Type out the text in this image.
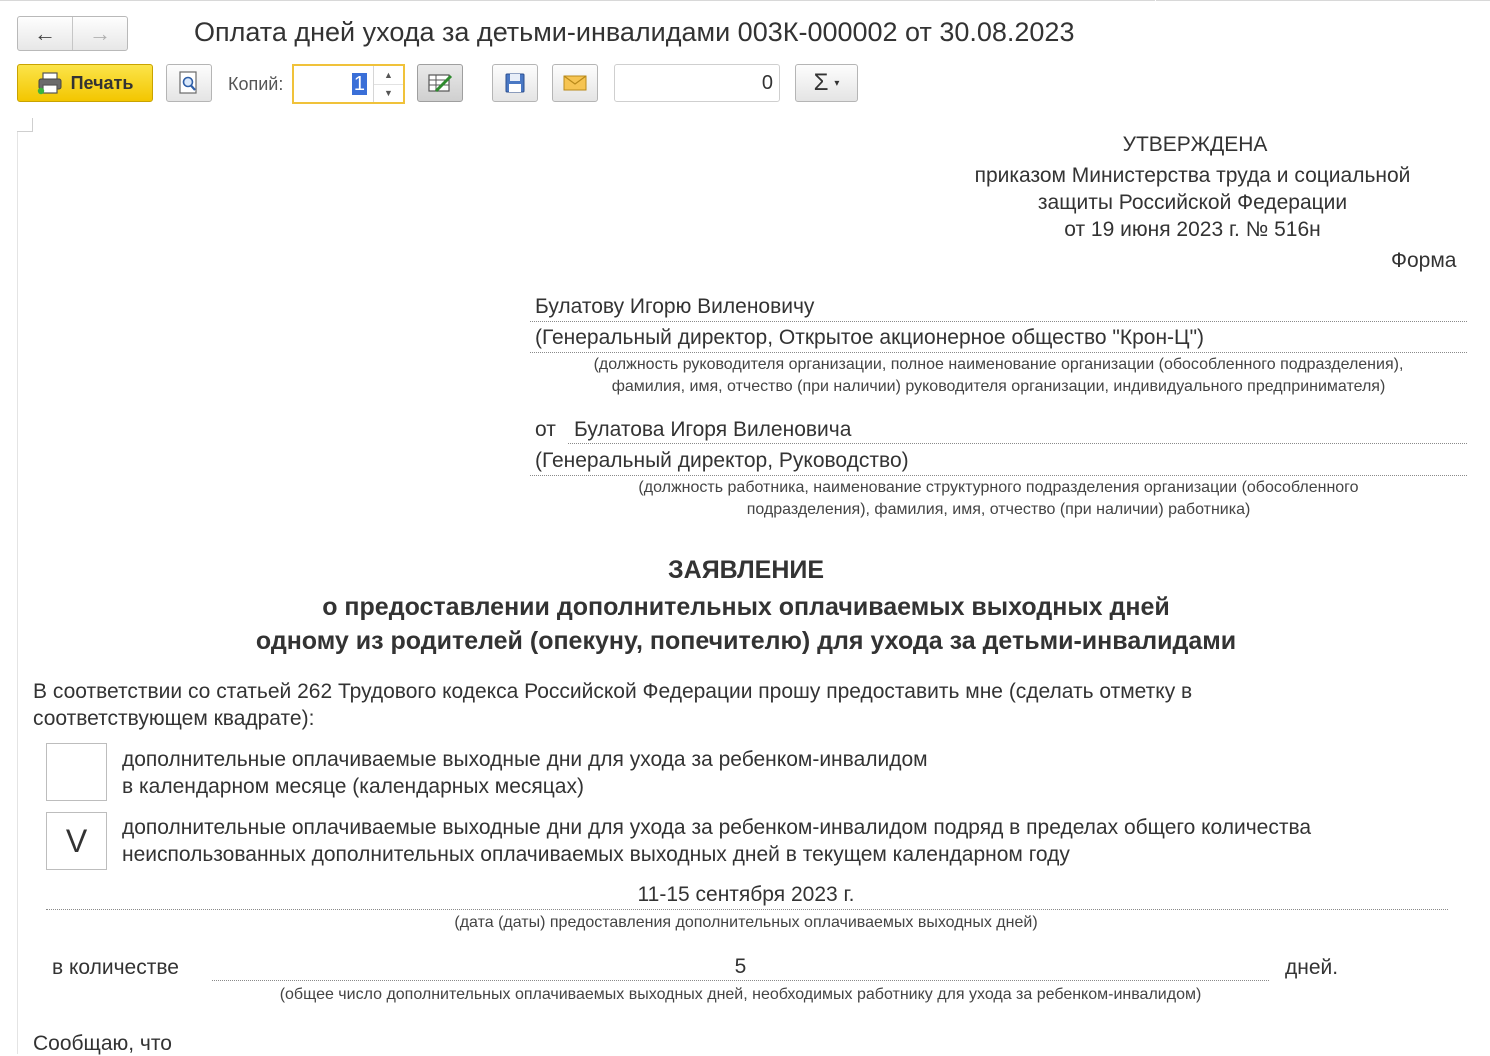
← →	Оплата дней ухода за детьми-инвалидами 003К-000002 от 30.08.2023
Печать	Копий:	1	▲
▼	0 Σ ▾
УТВЕРЖДЕНА
приказом Министерства труда и социальной
защиты Российской Федерации
от 19 июня 2023 г. № 516н
Форма
Булатову Игорю Виленовичу
(Генеральный директор, Открытое акционерное общество "Крон-Ц")
(должность руководителя организации, полное наименование организации (обособленного подразделения),
фамилия, имя, отчество (при наличии) руководителя организации, индивидуального предпринимателя)
от Булатова Игоря Виленовича
(Генеральный директор, Руководство)
(должность работника, наименование структурного подразделения организации (обособленного
подразделения), фамилия, имя, отчество (при наличии) работника)
ЗАЯВЛЕНИЕ
о предоставлении дополнительных оплачиваемых выходных дней
одному из родителей (опекуну, попечителю) для ухода за детьми-инвалидами
В соответствии со статьей 262 Трудового кодекса Российской Федерации прошу предоставить мне (сделать отметку в
соответствующем квадрате):
дополнительные оплачиваемые выходные дни для ухода за ребенком-инвалидом
в календарном месяце (календарных месяцах)
V	дополнительные оплачиваемые выходные дни для ухода за ребенком-инвалидом подряд в пределах общего количества
неиспользованных дополнительных оплачиваемых выходных дней в текущем календарном году
11-15 сентября 2023 г.
(дата (даты) предоставления дополнительных оплачиваемых выходных дней)
в количестве	5	дней.
(общее число дополнительных оплачиваемых выходных дней, необходимых работнику для ухода за ребенком-инвалидом)
Сообщаю, что
